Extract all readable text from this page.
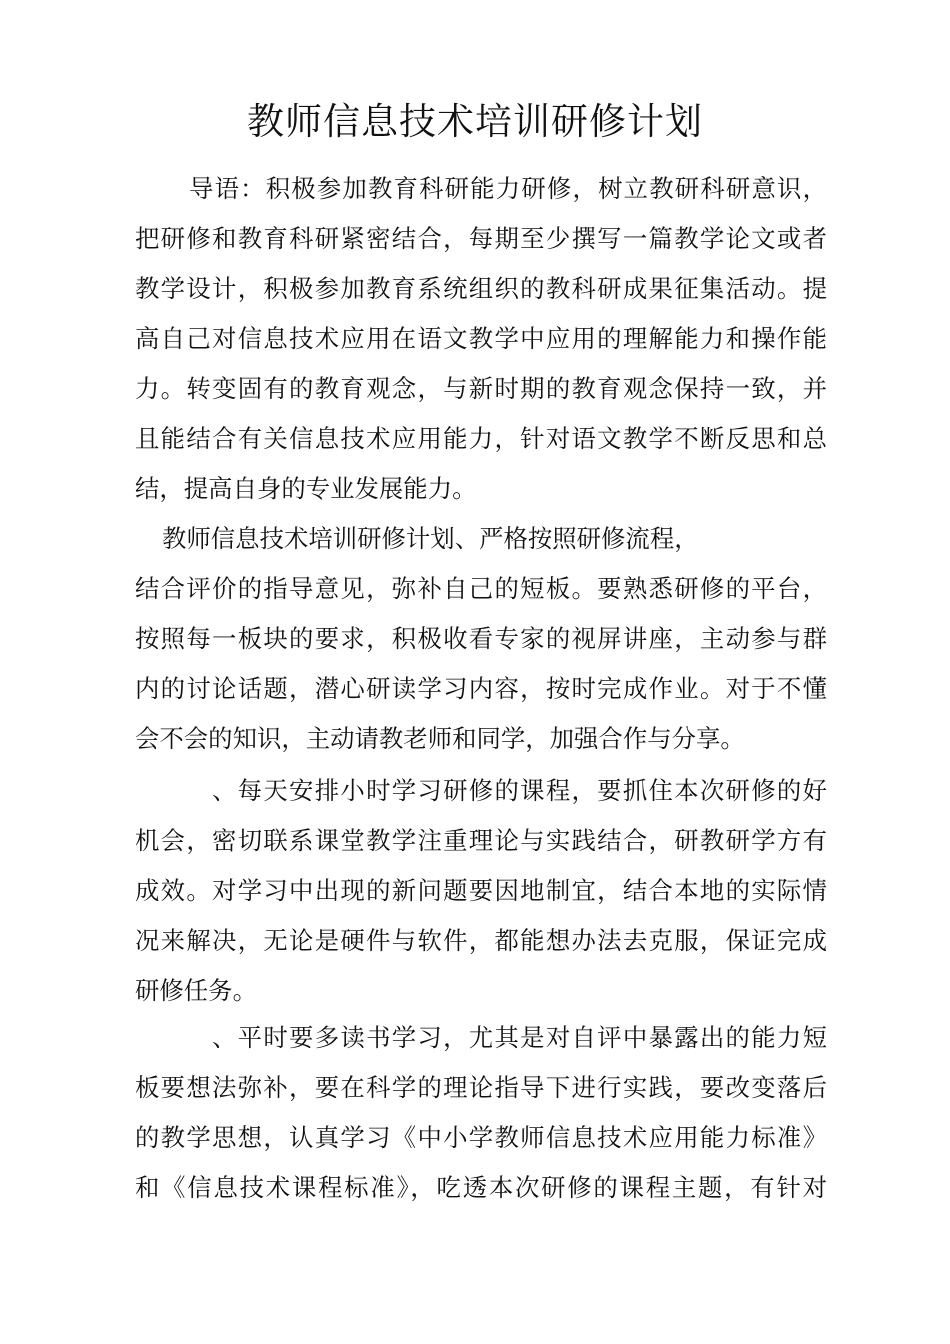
教师信息技术培训研修计划

导语：积极参加教育科研能力研修，树立教研科研意识，

把研修和教育科研紧密结合，每期至少撰写一篇教学论文或者

教学设计，积极参加教育系统组织的教科研成果征集活动。提

高自己对信息技术应用在语文教学中应用的理解能力和操作能

力。转变固有的教育观念，与新时期的教育观念保持一致，并

且能结合有关信息技术应用能力，针对语文教学不断反思和总

结，提高自身的专业发展能力。

教师信息技术培训研修计划、严格按照研修流程，

结合评价的指导意见，弥补自己的短板。要熟悉研修的平台，

按照每一板块的要求，积极收看专家的视屏讲座，主动参与群

内的讨论话题，潜心研读学习内容，按时完成作业。对于不懂

会不会的知识，主动请教老师和同学，加强合作与分享。

、每天安排小时学习研修的课程，要抓住本次研修的好

机会，密切联系课堂教学注重理论与实践结合，研教研学方有

成效。对学习中出现的新问题要因地制宜，结合本地的实际情

况来解决，无论是硬件与软件，都能想办法去克服，保证完成

研修任务。

、平时要多读书学习，尤其是对自评中暴露出的能力短

板要想法弥补，要在科学的理论指导下进行实践，要改变落后

的教学思想，认真学习《中小学教师信息技术应用能力标准》

和《信息技术课程标准》，吃透本次研修的课程主题，有针对
